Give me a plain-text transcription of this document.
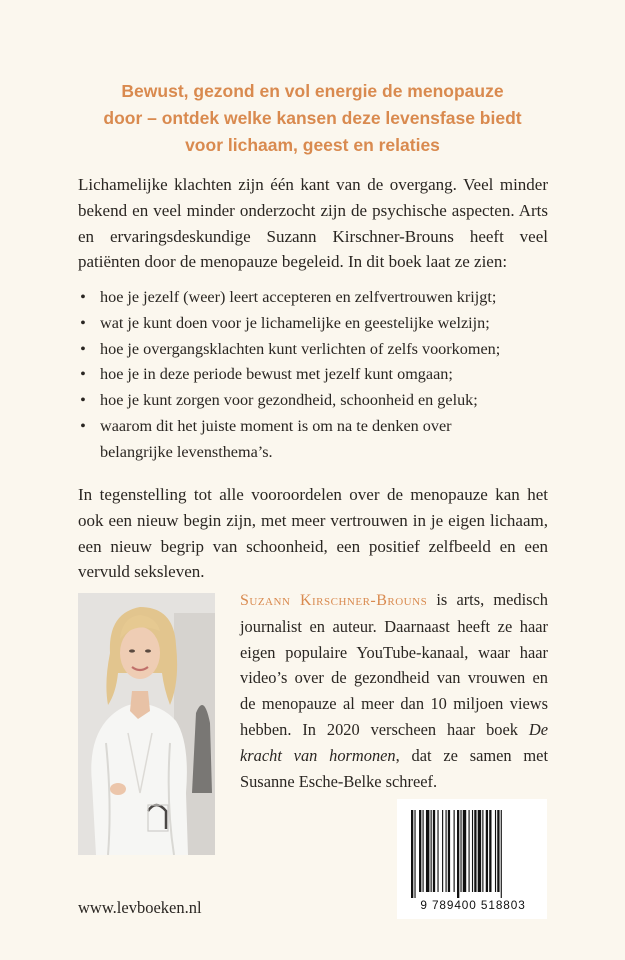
Bewust, gezond en vol energie de menopauze
door – ontdek welke kansen deze levensfase biedt
voor lichaam, geest en relaties

Lichamelijke klachten zijn één kant van de overgang. Veel minder bekend en veel minder onderzocht zijn de psychische aspecten. Arts en ervaringsdeskundige Suzann Kirschner-Brouns heeft veel patiënten door de menopauze begeleid. In dit boek laat ze zien:

• hoe je jezelf (weer) leert accepteren en zelfvertrouwen krijgt;
• wat je kunt doen voor je lichamelijke en geestelijke welzijn;
• hoe je overgangsklachten kunt verlichten of zelfs voorkomen;
• hoe je in deze periode bewust met jezelf kunt omgaan;
• hoe je kunt zorgen voor gezondheid, schoonheid en geluk;
• waarom dit het juiste moment is om na te denken over belangrijke levensthema’s.

In tegenstelling tot alle vooroordelen over de menopauze kan het ook een nieuw begin zijn, met meer vertrouwen in je eigen lichaam, een nieuw begrip van schoonheid, een positief zelfbeeld en een vervuld seksleven.

Suzann Kirschner-Brouns is arts, medisch journalist en auteur. Daarnaast heeft ze haar eigen populaire YouTube-kanaal, waar haar video’s over de gezondheid van vrouwen en de menopauze al meer dan 10 miljoen views hebben. In 2020 verscheen haar boek De kracht van hormonen, dat ze samen met Susanne Esche-Belke schreef.

www.levboeken.nl	9 789400 518803
